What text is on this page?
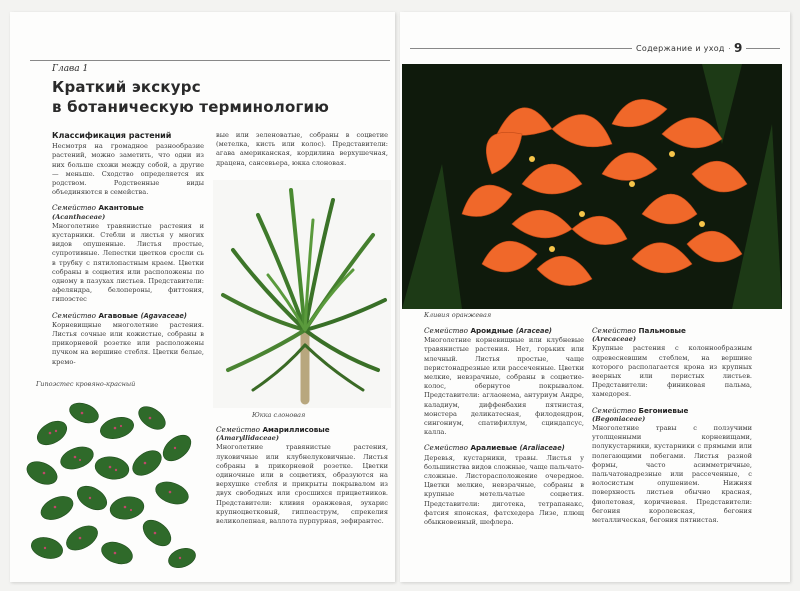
Содержание и уход 9
Глава 1
Краткий экскурс
в ботаническую терминологию
Классификация растений

Несмотря на громадное разнообразие растений, можно заметить, что одни из них больше схожи между собой, а другие — меньше. Сходство определяется их родством. Родственные виды объединяются в семейства.

Семейство Акантовые
(Acanthaceae)

Многолетние травянистые растения и кустарники. Стебли и листья у многих видов опушенные. Листья простые, супротивные. Лепестки цветков сросли сь в трубку с пятилопастным краем. Цветки собраны в соцветия или расположены по одному в пазухах листьев. Представители: афеляндра, белопероны, фиттония, гипоэстес

Семейство Агавовые (Agavaceae)

Корневищные многолетние растения. Листья сочные или кожистые, собраны в прикорневой розетке или расположены пучком на вершине стебля. Цветки белые, кремо-

вые или зеленоватые, собраны в соцветие (метелка, кисть или колос). Представители: агава американская, кордилина верхушечная, драцена, сансевьера, юкка слоновая.

Юкка слоновая
Семейство Амариллисовые
(Amaryllidaceae)

Многолетние травянистые растения, луковичные или клубнелуковичные. Листья собраны в прикорневой розетке. Цветки одиночные или в соцветиях, образуются на верхушке стебля и прикрыты покрывалом из двух свободных или сросшихся прицветников. Представители: кливия оранжевая, эухарис крупноцветковый, гиппеаструм, спрекелия великолепная, валлота пурпурная, зефирантес.

Гипоэстес кровяно-красный
Кливия оранжевая
Семейство Ароидные (Araceae)

Многолетние корневищные или клубневые травянистые растения. Нет, горьких или млечный. Листья простые, чаще перистонадрезные или рассеченные. Цветки мелкие, невзрачные, собраны в соцветие-колос, обернутое покрывалом. Представители: аглаонема, антуриум Андре, каладиум, диффенбахия пятнистая, монстера деликатесная, филодендрон, сингониум, спатифиллум, сциндапсус, калла.

Семейство Аралиевые (Araliaceae)

Деревья, кустарники, травы. Листья у большинства видов сложные, чаще пальчато-сложные. Листорасположение очередное. Цветки мелкие, невзрачные, собраны в крупные метельчатые соцветия. Представители: диготека, тетрапанакс, фатсия японская, фатсхедера Лизе, плющ обыкновенный, шефлера.

Семейство Пальмовые
(Arecaceae)

Крупные растения с колоннообразным одревесневшим стеблем, на вершине которого располагается крона из крупных веерных или перистых листьев. Представители: финиковая пальма, хамедорея.

Семейство Бегониевые
(Begoniaceae)

Многолетние травы с ползучими утолщенными корневищами, полукустарники, кустарники с прямыми или полегающими побегами. Листья разной формы, часто асимметричные, пальчатонадрезные или рассеченные, с волосистым опушением. Нижняя поверхность листьев обычно красная, фиолетовая, коричневая. Представители: бегония королевская, бегония металлическая, бегония пятнистая.
